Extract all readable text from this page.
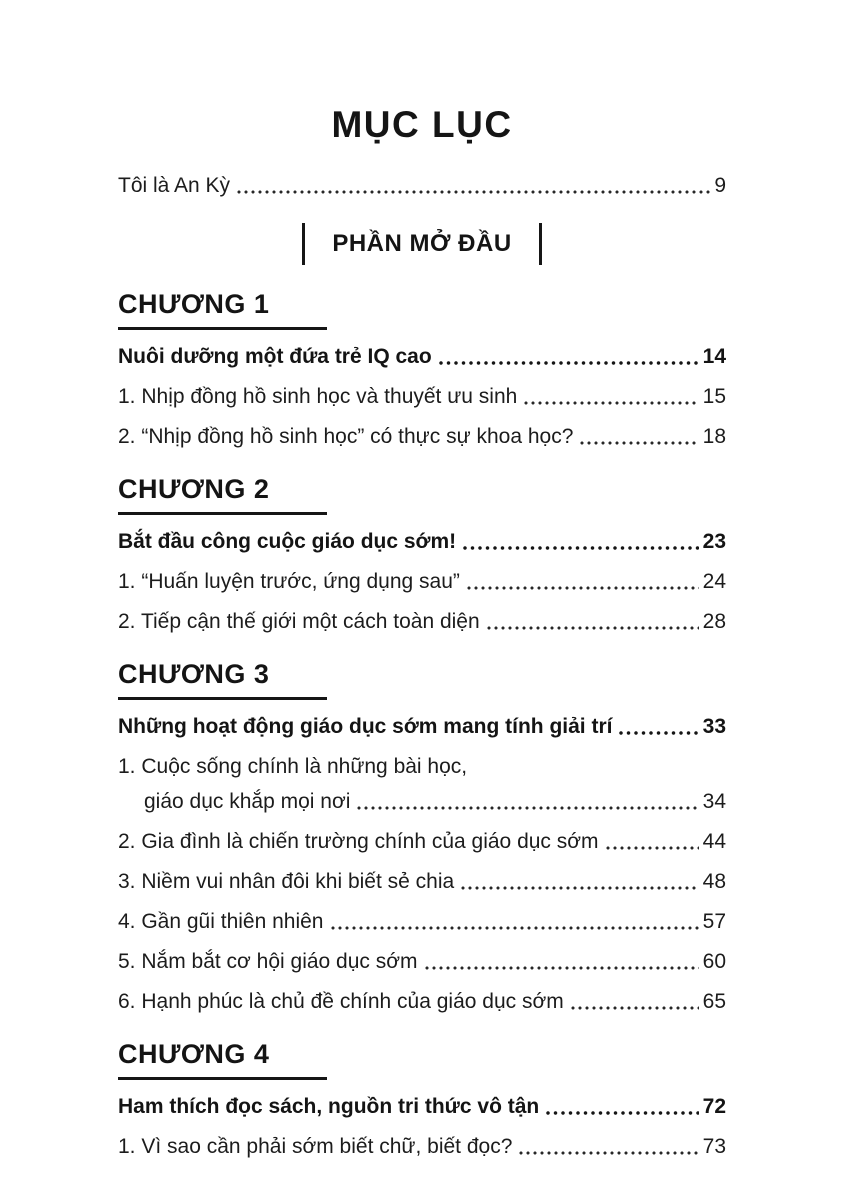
MỤC LỤC
Tôi là An Kỳ	9
PHẦN MỞ ĐẦU
CHƯƠNG 1
Nuôi dưỡng một đứa trẻ IQ cao	14
1. Nhịp đồng hồ sinh học và thuyết ưu sinh	15
2. “Nhịp đồng hồ sinh học” có thực sự khoa học?	18
CHƯƠNG 2
Bắt đầu công cuộc giáo dục sớm!	23
1. “Huấn luyện trước, ứng dụng sau”	24
2. Tiếp cận thế giới một cách toàn diện	28
CHƯƠNG 3
Những hoạt động giáo dục sớm mang tính giải trí	33
1. Cuộc sống chính là những bài học,
giáo dục khắp mọi nơi	34
2. Gia đình là chiến trường chính của giáo dục sớm	44
3. Niềm vui nhân đôi khi biết sẻ chia	48
4. Gần gũi thiên nhiên	57
5. Nắm bắt cơ hội giáo dục sớm	60
6. Hạnh phúc là chủ đề chính của giáo dục sớm	65
CHƯƠNG 4
Ham thích đọc sách, nguồn tri thức vô tận	72
1. Vì sao cần phải sớm biết chữ, biết đọc?	73
